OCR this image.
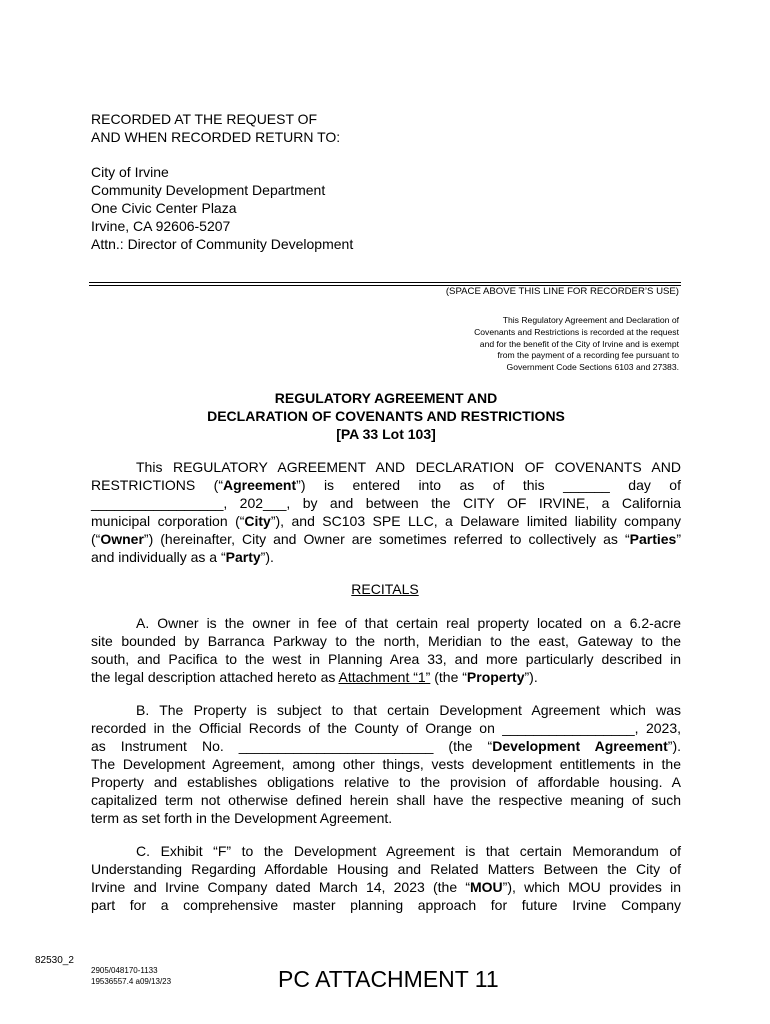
RECORDED AT THE REQUEST OF
AND WHEN RECORDED RETURN TO:
City of Irvine
Community Development Department
One Civic Center Plaza
Irvine, CA 92606-5207
Attn.: Director of Community Development
(SPACE ABOVE THIS LINE FOR RECORDER’S USE)
This Regulatory Agreement and Declaration of
Covenants and Restrictions is recorded at the request
and for the benefit of the City of Irvine and is exempt
from the payment of a recording fee pursuant to
Government Code Sections 6103 and 27383.
REGULATORY AGREEMENT AND
DECLARATION OF COVENANTS AND RESTRICTIONS
[PA 33 Lot 103]
This REGULATORY AGREEMENT AND DECLARATION OF COVENANTS AND
RESTRICTIONS (“Agreement”) is entered into as of this ______ day of
_________________, 202___, by and between the CITY OF IRVINE, a California
municipal corporation (“City”), and SC103 SPE LLC, a Delaware limited liability company
(“Owner”) (hereinafter, City and Owner are sometimes referred to collectively as “Parties”
and individually as a “Party”).
RECITALS
A. Owner is the owner in fee of that certain real property located on a 6.2-acre
site bounded by Barranca Parkway to the north, Meridian to the east, Gateway to the
south, and Pacifica to the west in Planning Area 33, and more particularly described in
the legal description attached hereto as Attachment “1” (the “Property”).
B. The Property is subject to that certain Development Agreement which was
recorded in the Official Records of the County of Orange on _________________, 2023,
as Instrument No. _________________________ (the “Development Agreement”).
The Development Agreement, among other things, vests development entitlements in the
Property and establishes obligations relative to the provision of affordable housing. A
capitalized term not otherwise defined herein shall have the respective meaning of such
term as set forth in the Development Agreement.
C. Exhibit “F” to the Development Agreement is that certain Memorandum of
Understanding Regarding Affordable Housing and Related Matters Between the City of
Irvine and Irvine Company dated March 14, 2023 (the “MOU”), which MOU provides in
part for a comprehensive master planning approach for future Irvine Company
82530_2
2905/048170-1133
19536557.4 a09/13/23	PC ATTACHMENT 11
